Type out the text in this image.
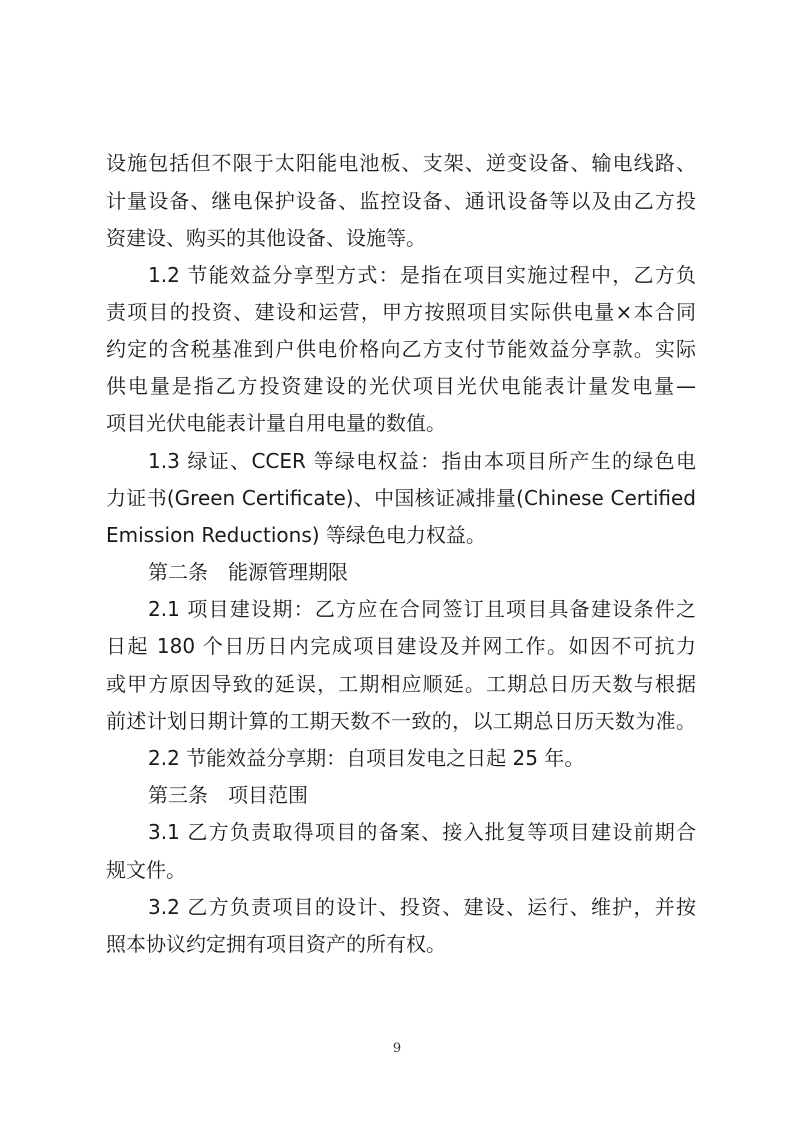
设施包括但不限于太阳能电池板、支架、逆变设备、输电线路、
计量设备、继电保护设备、监控设备、通讯设备等以及由乙方投
资建设、购买的其他设备、设施等。
1.2 节能效益分享型方式：是指在项目实施过程中，乙方负
责项目的投资、建设和运营，甲方按照项目实际供电量×本合同
约定的含税基准到户供电价格向乙方支付节能效益分享款。实际
供电量是指乙方投资建设的光伏项目光伏电能表计量发电量—
项目光伏电能表计量自用电量的数值。
1.3 绿证、CCER 等绿电权益：指由本项目所产生的绿色电
力证书(Green Certificate)、中国核证减排量(Chinese Certified
Emission Reductions) 等绿色电力权益。
第二条　能源管理期限
2.1 项目建设期：乙方应在合同签订且项目具备建设条件之
日起 180 个日历日内完成项目建设及并网工作。如因不可抗力
或甲方原因导致的延误，工期相应顺延。工期总日历天数与根据
前述计划日期计算的工期天数不一致的，以工期总日历天数为准。
2.2 节能效益分享期：自项目发电之日起 25 年。
第三条　项目范围
3.1 乙方负责取得项目的备案、接入批复等项目建设前期合
规文件。
3.2 乙方负责项目的设计、投资、建设、运行、维护，并按
照本协议约定拥有项目资产的所有权。
9
